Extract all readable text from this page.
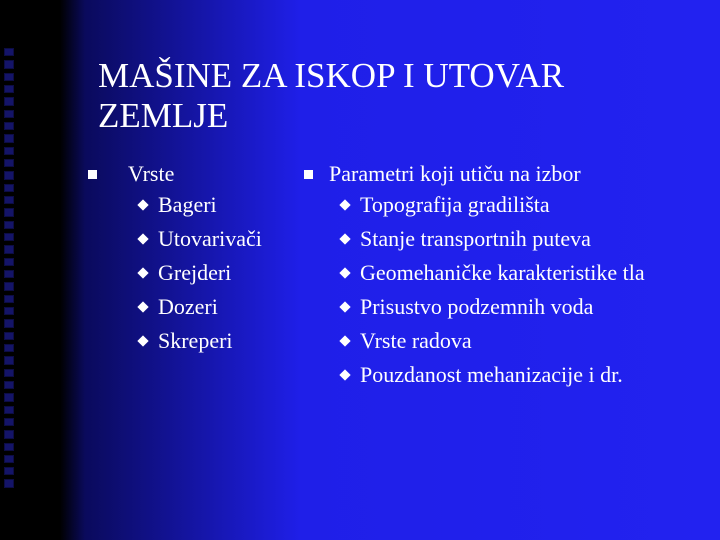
MAŠINE ZA ISKOP I UTOVAR ZEMLJE
Vrste
Bageri
Utovarivači
Grejderi
Dozeri
Skreperi
Parametri koji utiču na izbor
Topografija gradilišta
Stanje transportnih puteva
Geomehaničke karakteristike tla
Prisustvo podzemnih voda
Vrste radova
Pouzdanost mehanizacije i dr.
